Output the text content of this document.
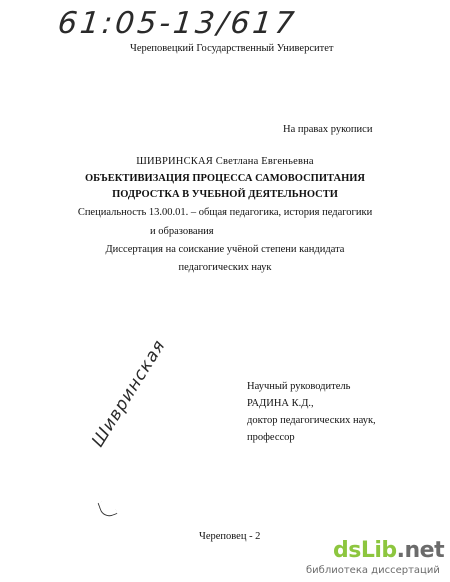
61:05-13/617
Череповецкий Государственный Университет
На правах рукописи
ШИВРИНСКАЯ Светлана Евгеньевна
ОБЪЕКТИВИЗАЦИЯ ПРОЦЕССА САМОВОСПИТАНИЯ
ПОДРОСТКА В УЧЕБНОЙ ДЕЯТЕЛЬНОСТИ
Специальность 13.00.01. – общая педагогика, история педагогики
и образования
Диссертация на соискание учёной степени кандидата
педагогических наук
Научный руководитель
РАДИНА К.Д.,
доктор педагогических наук,
профессор
Шивринская
Череповец - 2
dsLib.net
библиотека диссертаций
